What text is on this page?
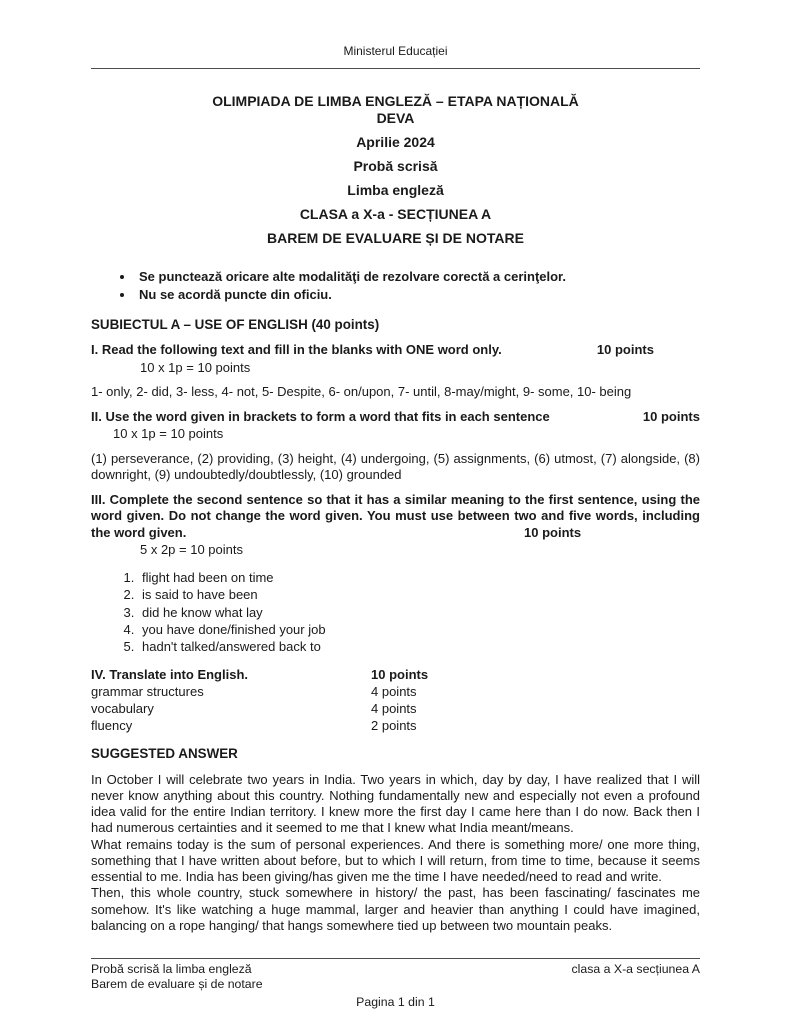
Ministerul Educației
OLIMPIADA DE LIMBA ENGLEZĂ – ETAPA NAȚIONALĂ
DEVA
Aprilie 2024
Probă scrisă
Limba engleză
CLASA a X-a - SECȚIUNEA A
BAREM DE EVALUARE ȘI DE NOTARE
• Se punctează oricare alte modalităţi de rezolvare corectă a cerinţelor.
• Nu se acordă puncte din oficiu.
SUBIECTUL A – USE OF ENGLISH (40 points)
I. Read the following text and fill in the blanks with ONE word only.	10 points
10 x 1p = 10 points

1- only, 2- did, 3- less, 4- not, 5- Despite, 6- on/upon, 7- until, 8-may/might, 9- some, 10- being

II. Use the word given in brackets to form a word that fits in each sentence	10 points
10 x 1p = 10 points

(1) perseverance, (2) providing, (3) height, (4) undergoing, (5) assignments, (6) utmost, (7) alongside, (8) downright, (9) undoubtedly/doubtlessly, (10) grounded

III. Complete the second sentence so that it has a similar meaning to the first sentence, using the word given. Do not change the word given. You must use between two and five words, including the word given.	10 points
5 x 2p = 10 points
1. flight had been on time
2. is said to have been
3. did he know what lay
4. you have done/finished your job
5. hadn't talked/answered back to
IV. Translate into English.	10 points
grammar structures	4 points
vocabulary	4 points
fluency	2 points
SUGGESTED ANSWER

In October I will celebrate two years in India. Two years in which, day by day, I have realized that I will never know anything about this country. Nothing fundamentally new and especially not even a profound idea valid for the entire Indian territory. I knew more the first day I came here than I do now. Back then I had numerous certainties and it seemed to me that I knew what India meant/means.

What remains today is the sum of personal experiences. And there is something more/ one more thing, something that I have written about before, but to which I will return, from time to time, because it seems essential to me. India has been giving/has given me the time I have needed/need to read and write.

Then, this whole country, stuck somewhere in history/ the past, has been fascinating/ fascinates me somehow. It's like watching a huge mammal, larger and heavier than anything I could have imagined, balancing on a rope hanging/ that hangs somewhere tied up between two mountain peaks.

Probă scrisă la limba engleză
Barem de evaluare și de notare
clasa a X-a secțiunea A
Pagina 1 din 1
